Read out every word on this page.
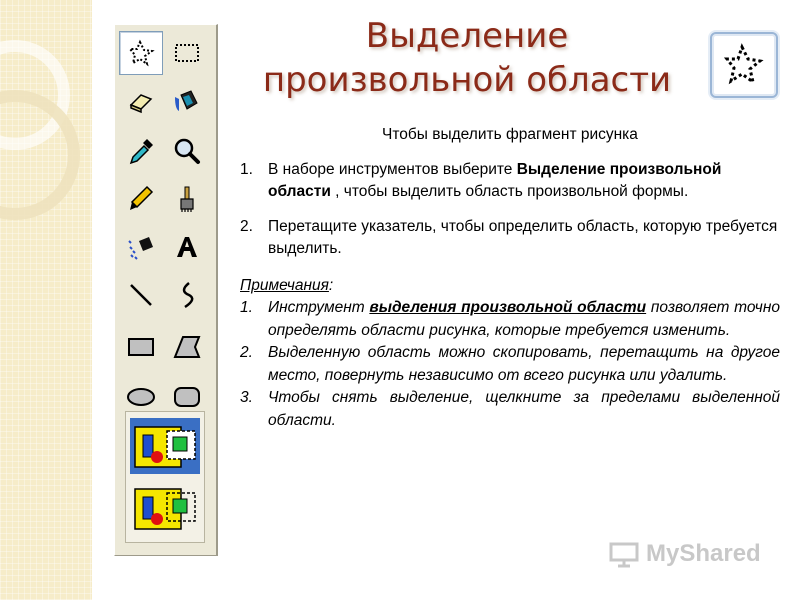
Выделение
произвольной области
Чтобы выделить фрагмент рисунка
1. В наборе инструментов выберите Выделение произвольной области , чтобы выделить область произвольной формы.
2. Перетащите указатель, чтобы определить область, которую требуется выделить.
Примечания:
1. Инструмент выделения произвольной области позволяет точно определять области рисунка, которые требуется изменить.
2. Выделенную область можно скопировать, перетащить на другое место, повернуть независимо от всего рисунка или удалить.
3. Чтобы снять выделение, щелкните за пределами выделенной области.
MyShared
